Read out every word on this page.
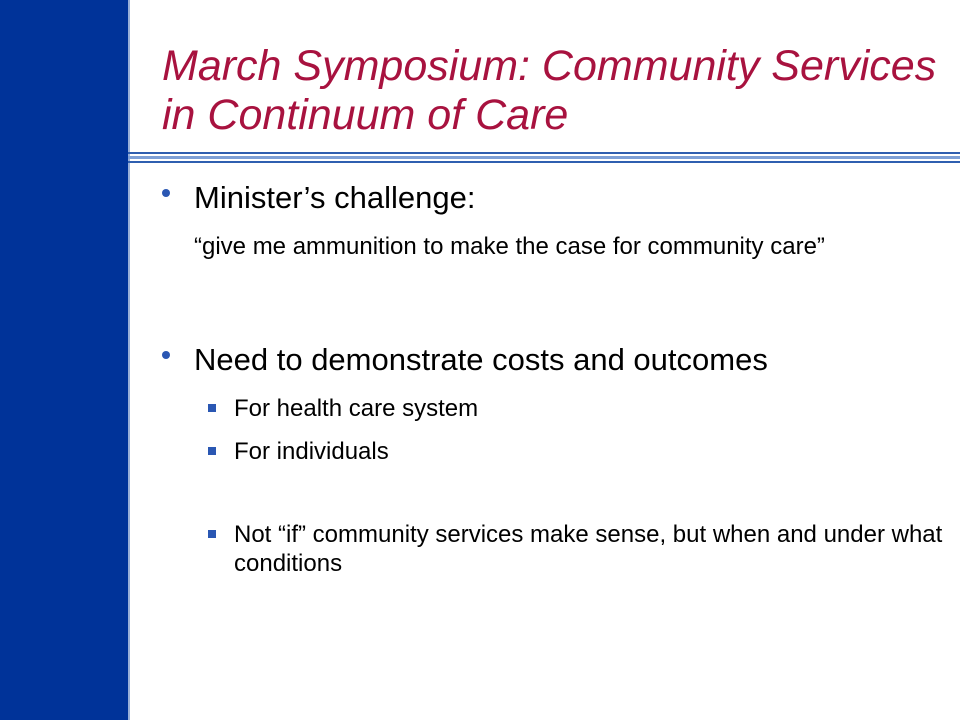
March Symposium: Community Services in Continuum of Care
Minister’s challenge:
“give me ammunition to make the case for community care”
Need to demonstrate costs and outcomes
For health care system
For individuals
Not “if” community services make sense, but when and under what conditions
